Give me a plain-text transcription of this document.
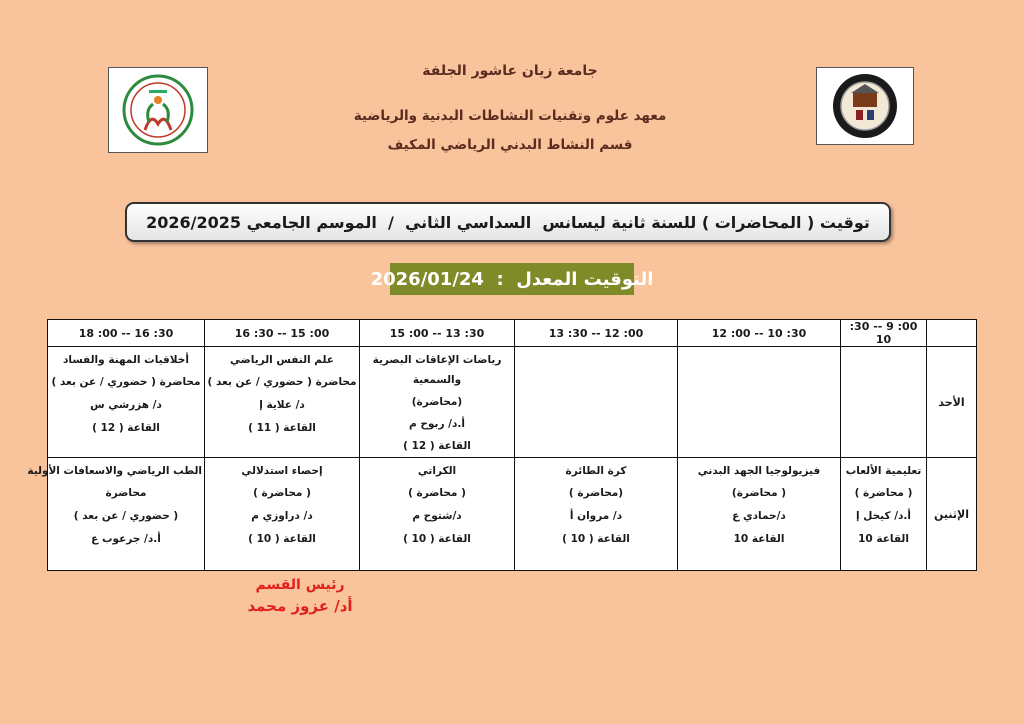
جامعة زيان عاشور الجلفة
معهد علوم وتقنيات النشاطات البدنية والرياضية
قسم النشاط البدني الرياضي المكيف
توقيت ( المحاضرات ) للسنة ثانية ليسانس  السداسي الثاني  /  الموسم الجامعي 2026/2025
التوقيت المعدل  :  2026/01/24
30: 16 -- 00: 18	00: 15 -- 30: 16	30: 13 -- 00: 15	00: 12 -- 30: 13	30: 10 -- 00: 12	00: 9 -- 30: 10	

أخلاقيات المهنة والفساد
محاضرة ( حضوري / عن بعد )
د/ هزرشي س
القاعة ( 12 )	علم النفس الرياضي
محاضرة ( حضوري / عن بعد )
د/ علاية إ
القاعة ( 11 )	رياضات الإعاقات البصرية
والسمعية
(محاضرة)
أ.د/ ربوح م
القاعة ( 12 )				الأحد

الطب الرياضي والاسعافات الأولية
محاضرة
( حضوري / عن بعد )
أ.د/ جرعوب ع	إحصاء استدلالي
( محاضرة )
د/ دراوزي م
القاعة ( 10 )	الكراتي
( محاضرة )
د/شتوح م
القاعة ( 10 )	كرة الطائرة
(محاضرة )
د/ مروان أ
القاعة ( 10 )	فيزيولوجيا الجهد البدني
( محاضرة)
د/حمادي ع
القاعة 10	تعليمية الألعاب
( محاضرة )
أ.د/ كيحل إ
القاعة 10	الإثنين
رئيس القسم
أد/ عزوز محمد
